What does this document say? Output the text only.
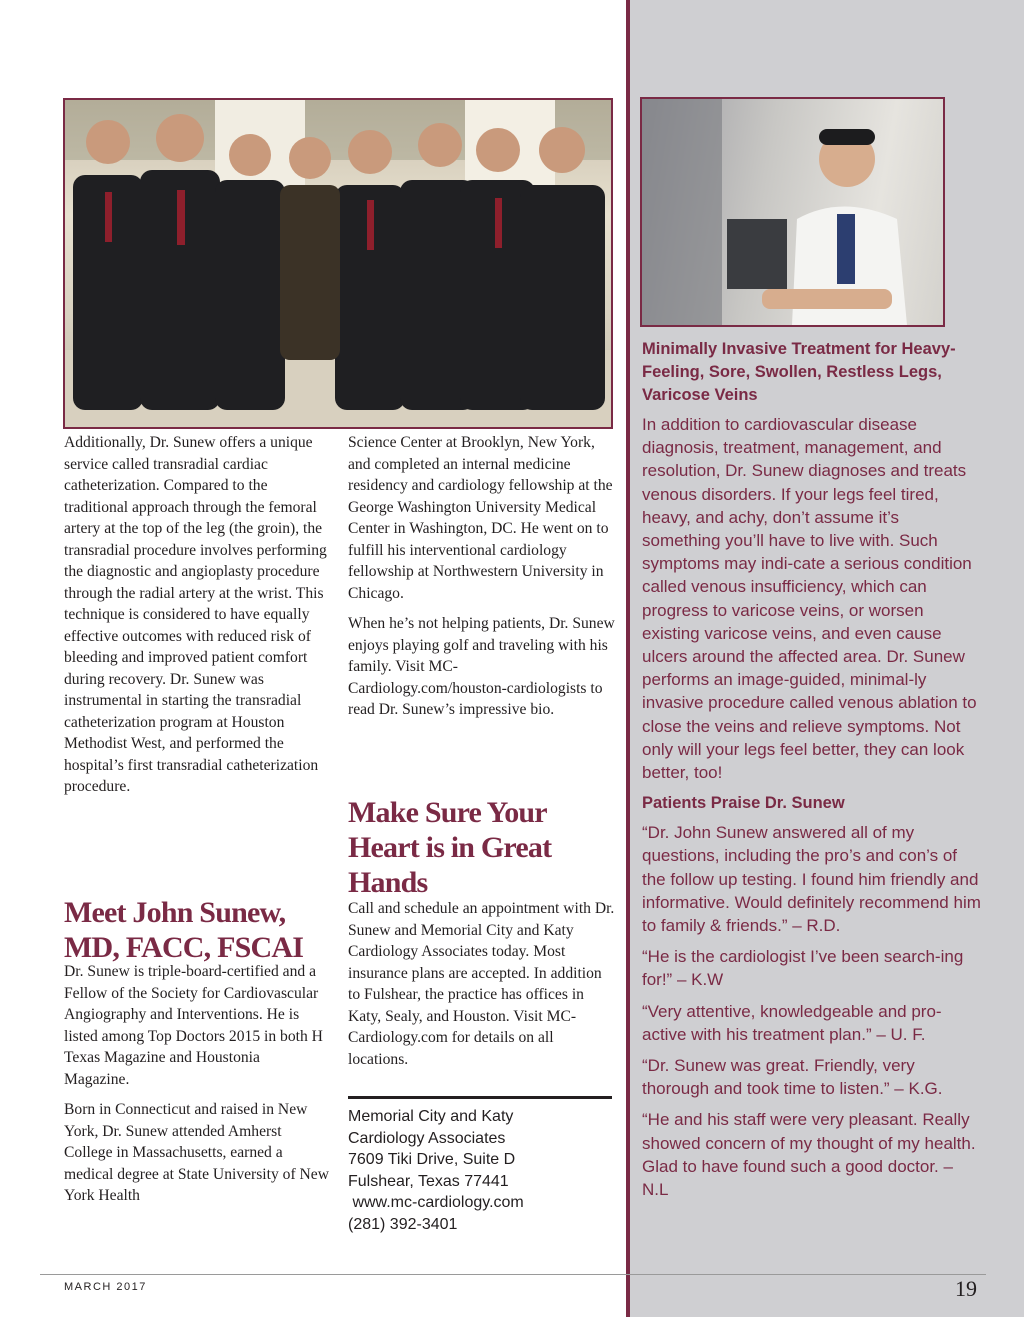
Additionally, Dr. Sunew offers a unique service called transradial cardiac catheterization. Compared to the traditional approach through the femoral artery at the top of the leg (the groin), the transradial procedure involves performing the diagnostic and angioplasty procedure through the radial artery at the wrist. This technique is considered to have equally effective outcomes with reduced risk of bleeding and improved patient comfort during recovery. Dr. Sunew was instrumental in starting the transradial catheterization program at Houston Methodist West, and performed the hospital’s first transradial catheterization procedure.

Meet John Sunew, MD, FACC, FSCAI

Dr. Sunew is triple-board-certified and a Fellow of the Society for Cardiovascular Angiography and Interventions. He is listed among Top Doctors 2015 in both H Texas Magazine and Houstonia Magazine.

Born in Connecticut and raised in New York, Dr. Sunew attended Amherst College in Massachusetts, earned a medical degree at State University of New York Health

Science Center at Brooklyn, New York, and completed an internal medicine residency and cardiology fellowship at the George Washington University Medical Center in Washington, DC. He went on to fulfill his interventional cardiology fellowship at Northwestern University in Chicago.

When he’s not helping patients, Dr. Sunew enjoys playing golf and traveling with his family. Visit MC-Cardiology.com/houston-cardiologists to read Dr. Sunew’s impressive bio.

Make Sure Your Heart is in Great Hands

Call and schedule an appointment with Dr. Sunew and Memorial City and Katy Cardiology Associates today. Most insurance plans are accepted. In addition to Fulshear, the practice has offices in Katy, Sealy, and Houston. Visit MC-Cardiology.com for details on all locations.

Memorial City and Katy
Cardiology Associates
7609 Tiki Drive, Suite D
Fulshear, Texas 77441
www.mc-cardiology.com
(281) 392-3401

Minimally Invasive Treatment for Heavy-Feeling, Sore, Swollen, Restless Legs, Varicose Veins

In addition to cardiovascular disease diagnosis, treatment, management, and resolution, Dr. Sunew diagnoses and treats venous disorders. If your legs feel tired, heavy, and achy, don’t assume it’s something you’ll have to live with. Such symptoms may indi-cate a serious condition called venous insufficiency, which can progress to varicose veins, or worsen existing varicose veins, and even cause ulcers around the affected area. Dr. Sunew performs an image-guided, minimal-ly invasive procedure called venous ablation to close the veins and relieve symptoms. Not only will your legs feel better, they can look better, too!

Patients Praise Dr. Sunew

“Dr. John Sunew answered all of my questions, including the pro’s and con’s of the follow up testing. I found him friendly and informative. Would definitely recommend him to family & friends.” – R.D.

“He is the cardiologist I’ve been search-ing for!” – K.W

“Very attentive, knowledgeable and pro-active with his treatment plan.” – U. F.

“Dr. Sunew was great. Friendly, very thorough and took time to listen.” – K.G.

“He and his staff were very pleasant. Really showed concern of my thought of my health. Glad to have found such a good doctor. – N.L

MARCH 2017	19
